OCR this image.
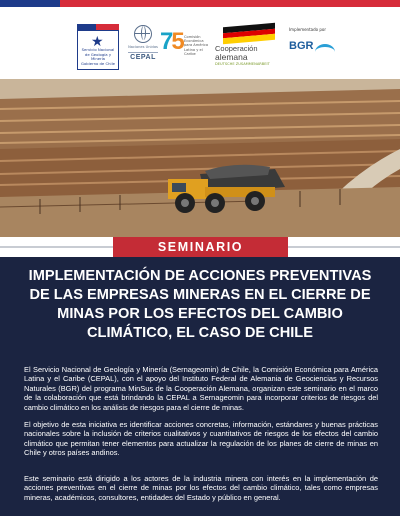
★
Servicio Nacional de Geología y Minería
Gobierno de Chile
Naciones Unidas
CEPAL
75 Comisión Económica para América Latina y el Caribe
Cooperación
alemana
DEUTSCHE ZUSAMMENARBEIT
Implementado por
BGR
SEMINARIO
IMPLEMENTACIÓN DE ACCIONES PREVENTIVAS DE LAS EMPRESAS MINERAS EN EL CIERRE DE MINAS POR LOS EFECTOS DEL CAMBIO CLIMÁTICO, EL CASO DE CHILE

El Servicio Nacional de Geología y Minería (Sernageomin) de Chile, la Comisión Económica para América Latina y el Caribe (CEPAL), con el apoyo del Instituto Federal de Alemania de Geociencias y Recursos Naturales (BGR) del programa MinSus de la Cooperación Alemana, organizan este seminario en el marco de la colaboración que está brindando la CEPAL a Sernageomin para incorporar criterios de riesgos del cambio climático en los análisis de riesgos para el cierre de minas.

El objetivo de esta iniciativa es identificar acciones concretas, información, estándares y buenas prácticas nacionales sobre la inclusión de criterios cualitativos y cuantitativos de riesgos de los efectos del cambio climático que permitan tener elementos para actualizar la regulación de los planes de cierre de minas en Chile y otros países andinos.

Este seminario está dirigido a los actores de la industria minera con interés en la implementación de acciones preventivas en el cierre de minas por los efectos del cambio climático, tales como empresas mineras, académicos, consultores, entidades del Estado y público en general.
